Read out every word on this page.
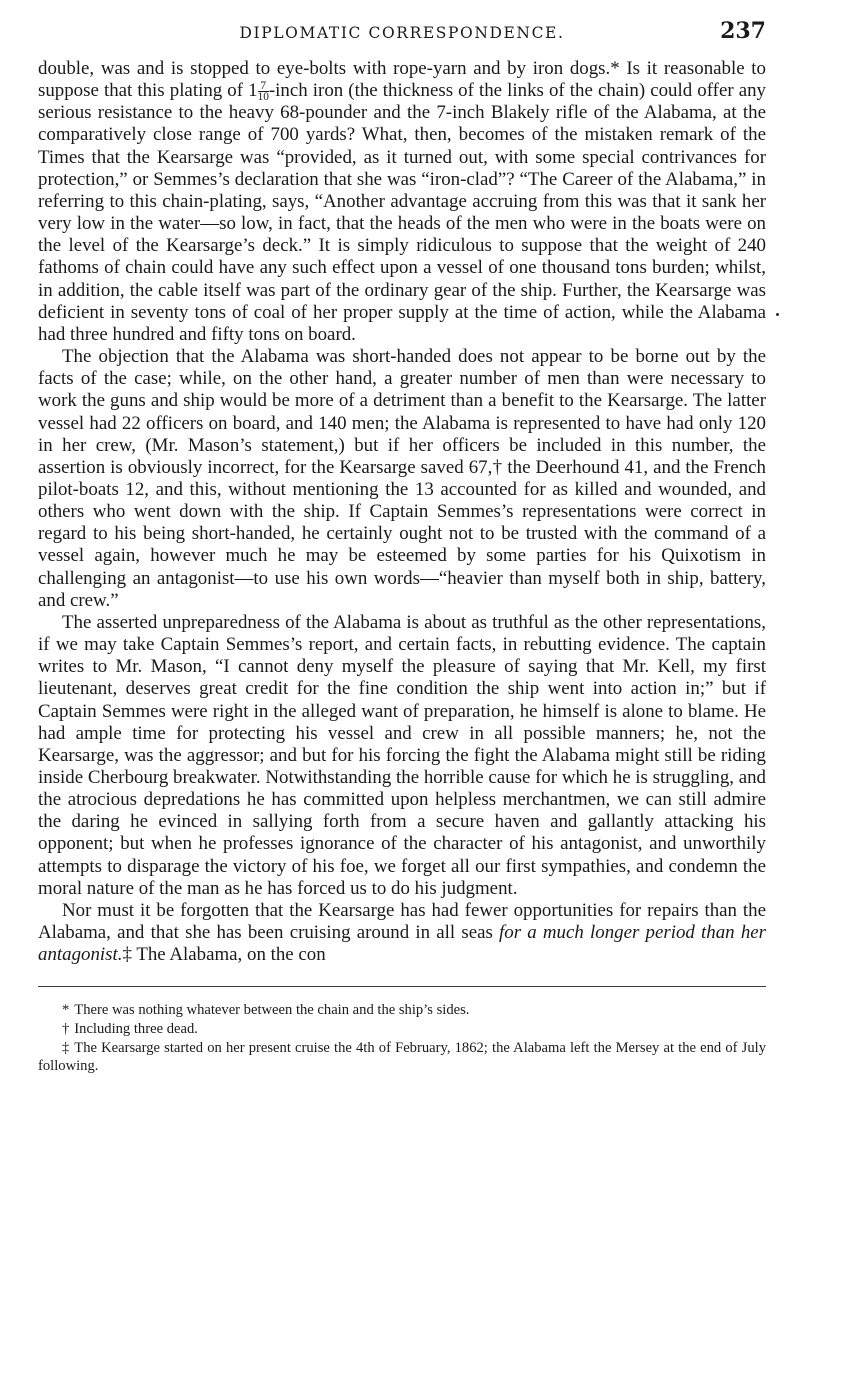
DIPLOMATIC CORRESPONDENCE.	237

double, was and is stopped to eye-bolts with rope-yarn and by iron dogs.* Is it reasonable to suppose that this plating of $1 \frac{7}{10}$ -inch iron (the thickness of the links of the chain) could offer any serious resistance to the heavy 68-pounder and the 7-inch Blakely rifle of the Alabama, at the comparatively close range of 700 yards? What, then, becomes of the mistaken remark of the Times that the Kearsarge was “provided, as it turned out, with some special contrivances for protection,” or Semmes’s declaration that she was “iron-clad”? “The Career of the Alabama,” in referring to this chain-plating, says, “Another advantage accruing from this was that it sank her very low in the water—so low, in fact, that the heads of the men who were in the boats were on the level of the Kearsarge’s deck.” It is simply ridiculous to suppose that the weight of 240 fathoms of chain could have any such effect upon a vessel of one thousand tons burden; whilst, in addition, the cable itself was part of the ordinary gear of the ship. Further, the Kearsarge was deficient in seventy tons of coal of her proper supply at the time of action, while the Alabama had three hundred and fifty tons on board.

The objection that the Alabama was short-handed does not appear to be borne out by the facts of the case; while, on the other hand, a greater number of men than were necessary to work the guns and ship would be more of a detriment than a benefit to the Kearsarge. The latter vessel had 22 officers on board, and 140 men; the Alabama is represented to have had only 120 in her crew, (Mr. Mason’s statement,) but if her officers be included in this number, the assertion is obviously incorrect, for the Kearsarge saved 67,† the Deerhound 41, and the French pilot-boats 12, and this, without mentioning the 13 accounted for as killed and wounded, and others who went down with the ship. If Captain Semmes’s representations were correct in regard to his being short-handed, he certainly ought not to be trusted with the command of a vessel again, however much he may be esteemed by some parties for his Quixotism in challenging an antagonist—to use his own words—“heavier than myself both in ship, battery, and crew.”

The asserted unpreparedness of the Alabama is about as truthful as the other representations, if we may take Captain Semmes’s report, and certain facts, in rebutting evidence. The captain writes to Mr. Mason, “I cannot deny myself the pleasure of saying that Mr. Kell, my first lieutenant, deserves great credit for the fine condition the ship went into action in;” but if Captain Semmes were right in the alleged want of preparation, he himself is alone to blame. He had ample time for protecting his vessel and crew in all possible manners; he, not the Kearsarge, was the aggressor; and but for his forcing the fight the Alabama might still be riding inside Cherbourg breakwater. Notwithstanding the horrible cause for which he is struggling, and the atrocious depredations he has committed upon helpless merchantmen, we can still admire the daring he evinced in sallying forth from a secure haven and gallantly attacking his opponent; but when he professes ignorance of the character of his antagonist, and unworthily attempts to disparage the victory of his foe, we forget all our first sympathies, and condemn the moral nature of the man as he has forced us to do his judgment.

Nor must it be forgotten that the Kearsarge has had fewer opportunities for repairs than the Alabama, and that she has been cruising around in all seas for a much longer period than her antagonist.‡ The Alabama, on the con

* There was nothing whatever between the chain and the ship’s sides.

† Including three dead.

‡ The Kearsarge started on her present cruise the 4th of February, 1862; the Alabama left the Mersey at the end of July following.
